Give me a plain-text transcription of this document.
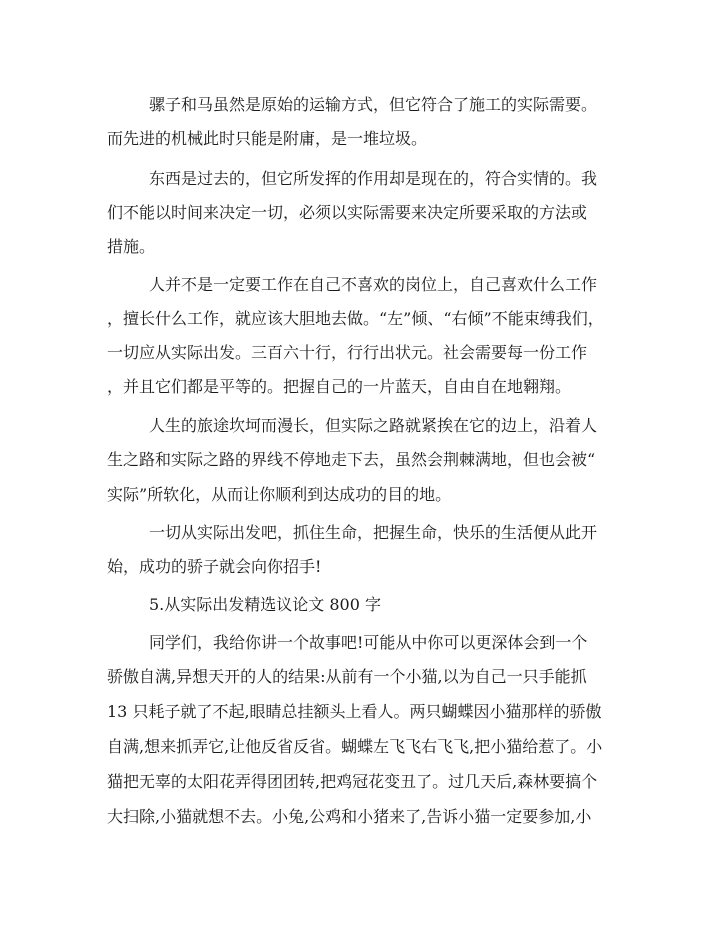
骡子和马虽然是原始的运输方式，但它符合了施工的实际需要。
而先进的机械此时只能是附庸，是一堆垃圾。
东西是过去的，但它所发挥的作用却是现在的，符合实情的。我
们不能以时间来决定一切，必须以实际需要来决定所要采取的方法或
措施。
人并不是一定要工作在自己不喜欢的岗位上，自己喜欢什么工作
，擅长什么工作，就应该大胆地去做。“左”倾、“右倾”不能束缚我们，
一切应从实际出发。三百六十行，行行出状元。社会需要每一份工作
，并且它们都是平等的。把握自己的一片蓝天，自由自在地翱翔。
人生的旅途坎坷而漫长，但实际之路就紧挨在它的边上，沿着人
生之路和实际之路的界线不停地走下去，虽然会荆棘满地，但也会被“
实际”所软化，从而让你顺利到达成功的目的地。
一切从实际出发吧，抓住生命，把握生命，快乐的生活便从此开
始，成功的骄子就会向你招手!
5.从实际出发精选议论文 800 字
同学们，我给你讲一个故事吧!可能从中你可以更深体会到一个
骄傲自满,异想天开的人的结果:从前有一个小猫,以为自己一只手能抓
13 只耗子就了不起,眼睛总挂额头上看人。两只蝴蝶因小猫那样的骄傲
自满,想来抓弄它,让他反省反省。蝴蝶左飞飞右飞飞,把小猫给惹了。小
猫把无辜的太阳花弄得团团转,把鸡冠花变丑了。过几天后,森林要搞个
大扫除,小猫就想不去。小兔,公鸡和小猪来了,告诉小猫一定要参加,小
